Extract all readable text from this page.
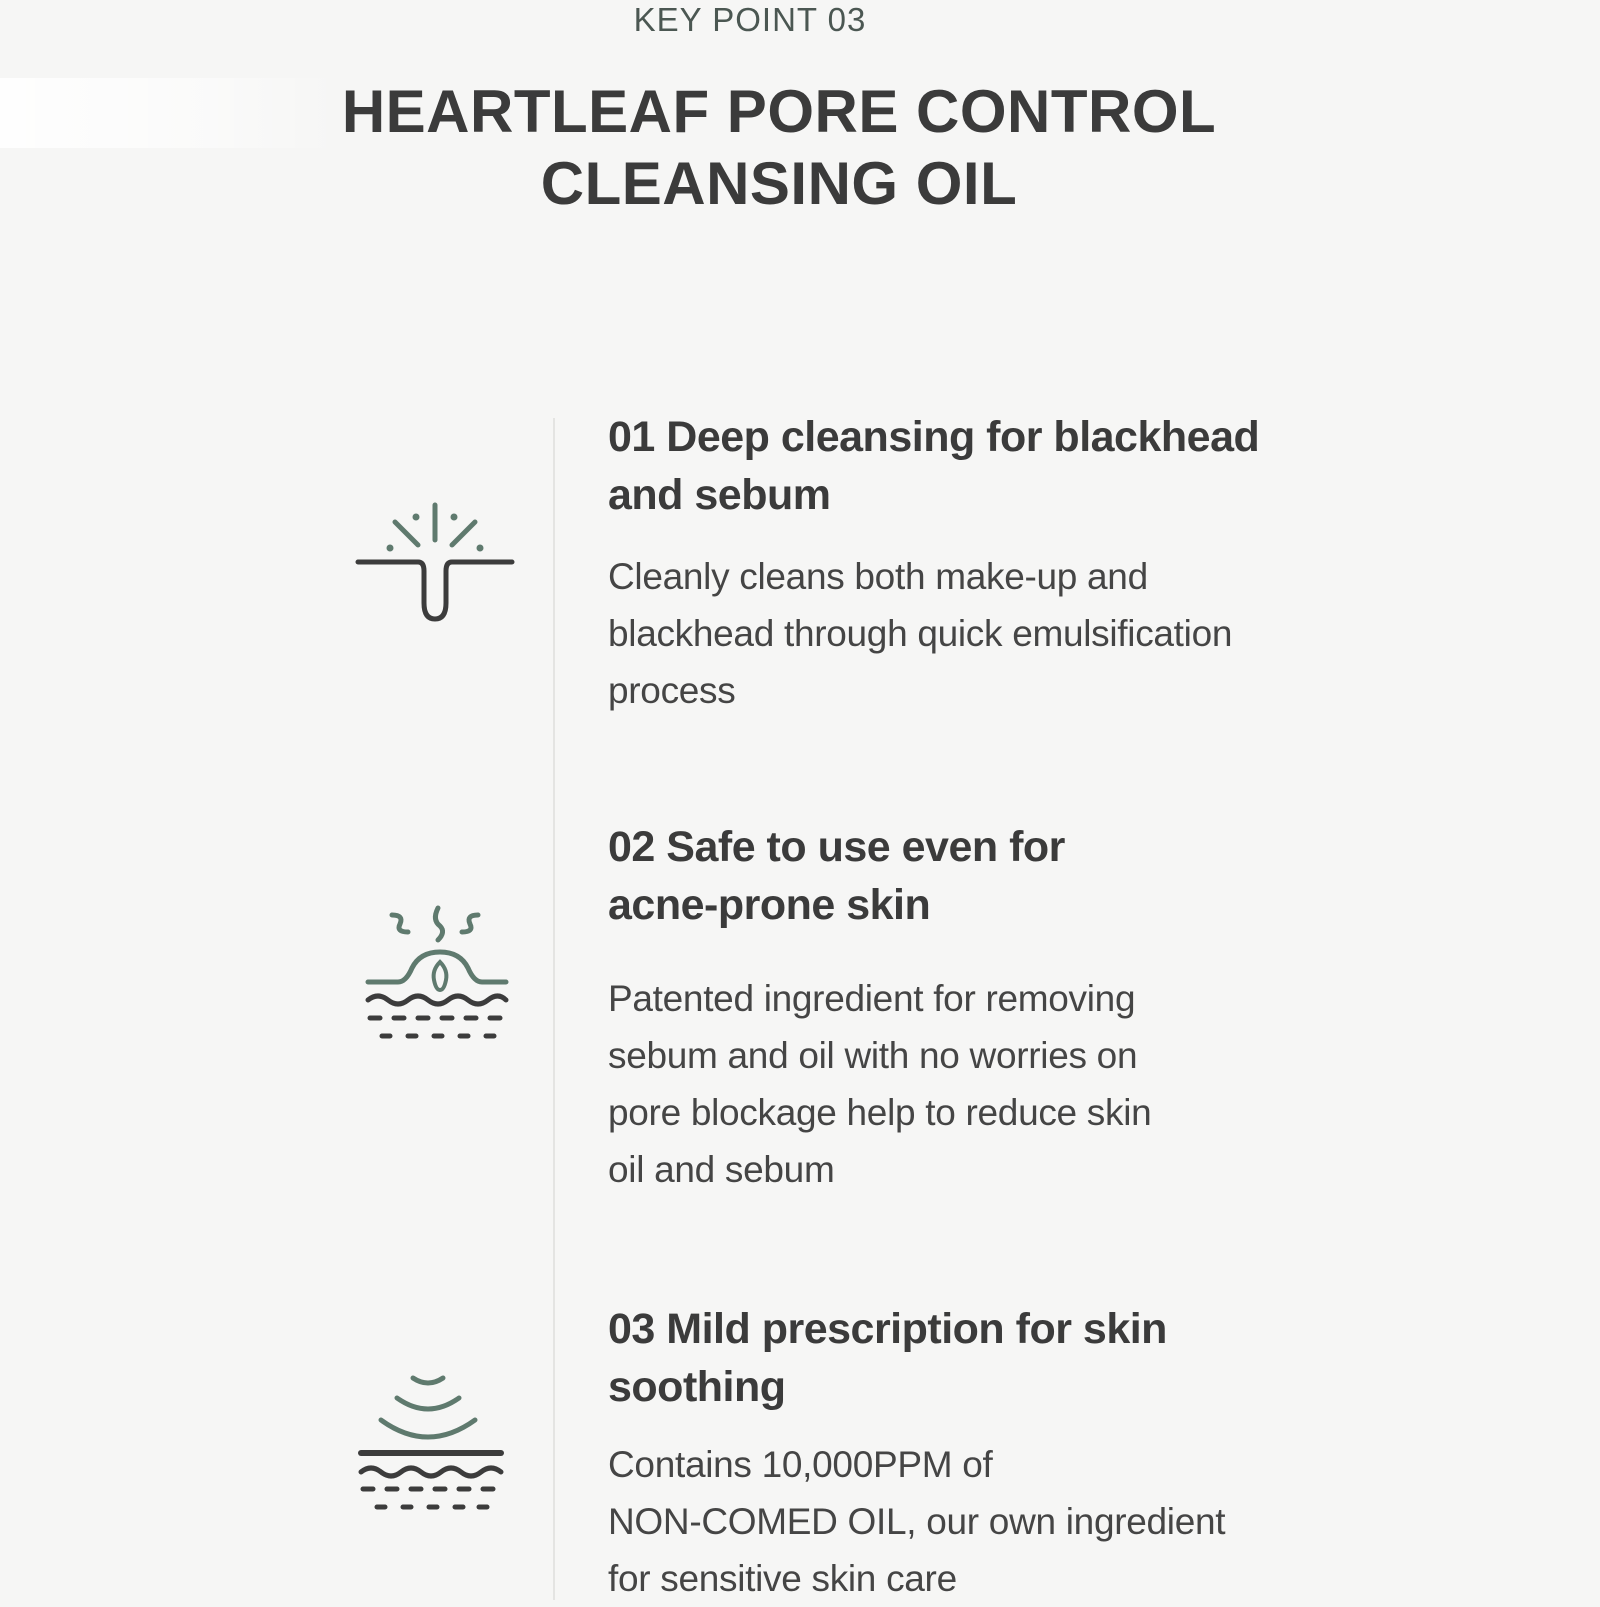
KEY POINT 03
HEARTLEAF PORE CONTROL
CLEANSING OIL
01 Deep cleansing for blackhead
and sebum

Cleanly cleans both make-up and
blackhead through quick emulsification
process

02 Safe to use even for
acne-prone skin

Patented ingredient for removing
sebum and oil with no worries on
pore blockage help to reduce skin
oil and sebum

03 Mild prescription for skin
soothing

Contains 10,000PPM of
NON-COMED OIL, our own ingredient
for sensitive skin care
